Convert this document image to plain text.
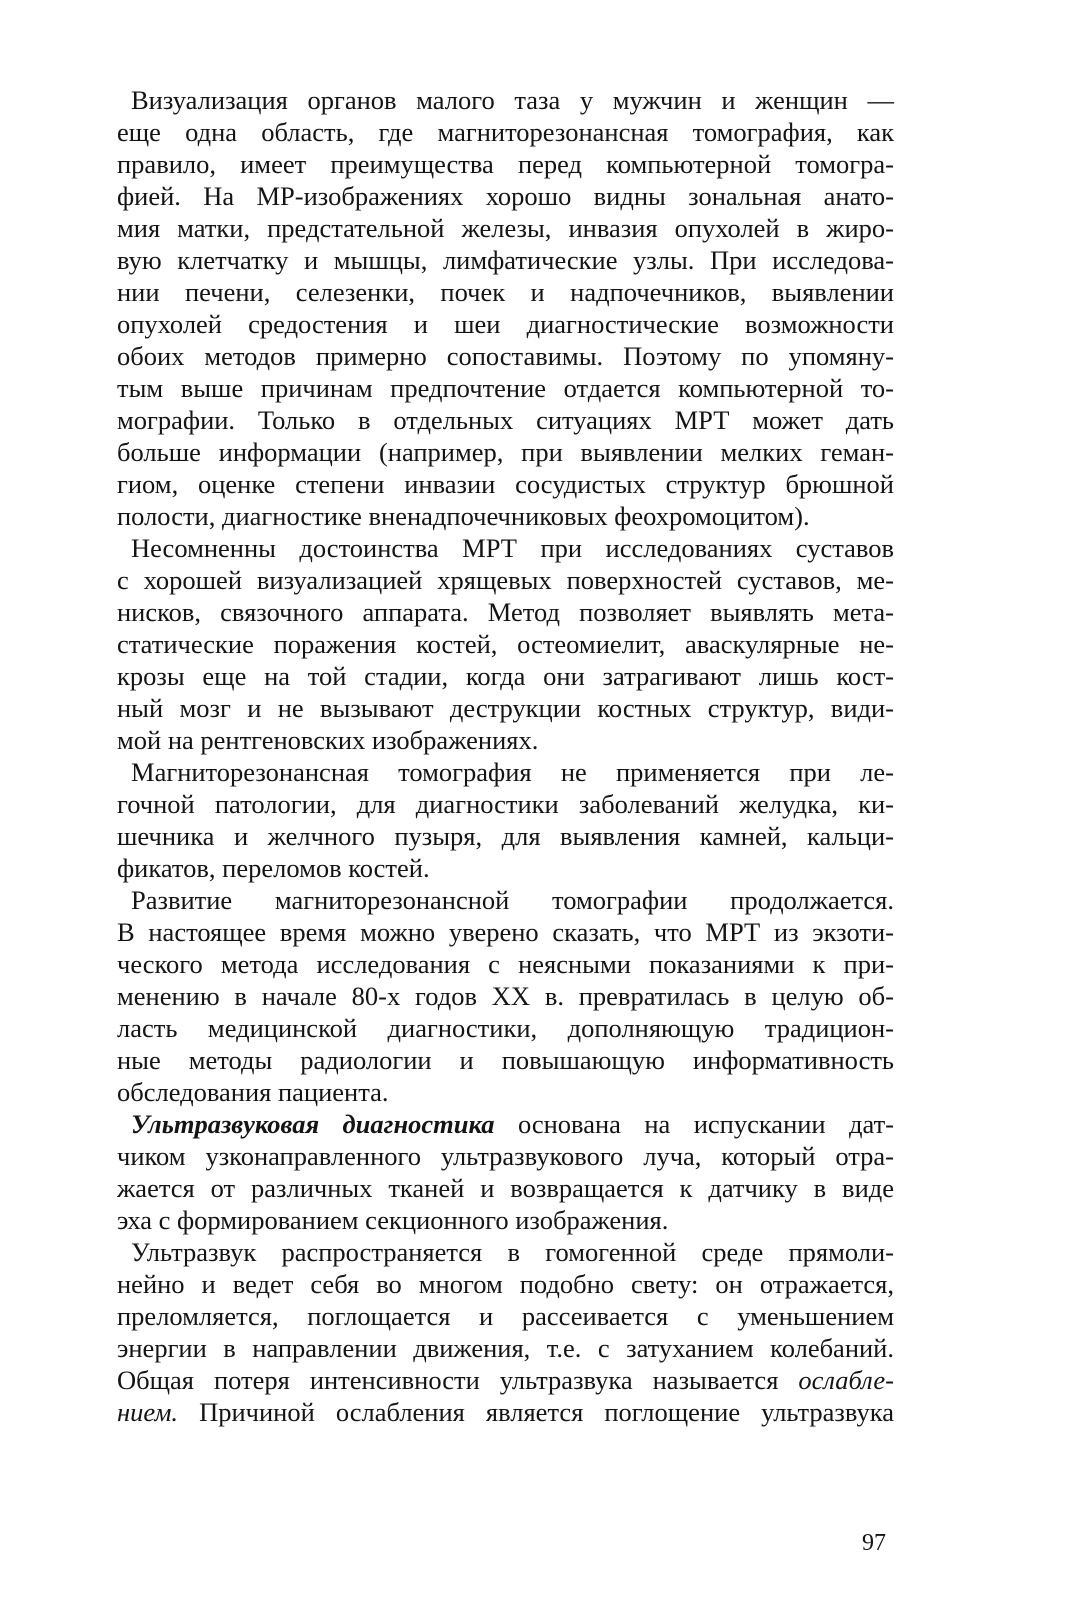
Визуализация органов малого таза у мужчин и женщин —
еще одна область, где магниторезонансная томография, как
правило, имеет преимущества перед компьютерной томогра-
фией. На МР-изображениях хорошо видны зональная анато-
мия матки, предстательной железы, инвазия опухолей в жиро-
вую клетчатку и мышцы, лимфатические узлы. При исследова-
нии печени, селезенки, почек и надпочечников, выявлении
опухолей средостения и шеи диагностические возможности
обоих методов примерно сопоставимы. Поэтому по упомяну-
тым выше причинам предпочтение отдается компьютерной то-
мографии. Только в отдельных ситуациях МРТ может дать
больше информации (например, при выявлении мелких геман-
гиом, оценке степени инвазии сосудистых структур брюшной
полости, диагностике вненадпочечниковых феохромоцитом).
Несомненны достоинства МРТ при исследованиях суставов
с хорошей визуализацией хрящевых поверхностей суставов, ме-
нисков, связочного аппарата. Метод позволяет выявлять мета-
статические поражения костей, остеомиелит, аваскулярные не-
крозы еще на той стадии, когда они затрагивают лишь кост-
ный мозг и не вызывают деструкции костных структур, види-
мой на рентгеновских изображениях.
Магниторезонансная томография не применяется при ле-
гочной патологии, для диагностики заболеваний желудка, ки-
шечника и желчного пузыря, для выявления камней, кальци-
фикатов, переломов костей.
Развитие магниторезонансной томографии продолжается.
В настоящее время можно уверено сказать, что МРТ из экзоти-
ческого метода исследования с неясными показаниями к при-
менению в начале 80-х годов XX в. превратилась в целую об-
ласть медицинской диагностики, дополняющую традицион-
ные методы радиологии и повышающую информативность
обследования пациента.
Ультразвуковая диагностика основана на испускании дат-
чиком узконаправленного ультразвукового луча, который отра-
жается от различных тканей и возвращается к датчику в виде
эха с формированием секционного изображения.
Ультразвук распространяется в гомогенной среде прямоли-
нейно и ведет себя во многом подобно свету: он отражается,
преломляется, поглощается и рассеивается с уменьшением
энергии в направлении движения, т.е. с затуханием колебаний.
Общая потеря интенсивности ультразвука называется ослабле-
нием. Причиной ослабления является поглощение ультразвука
97
